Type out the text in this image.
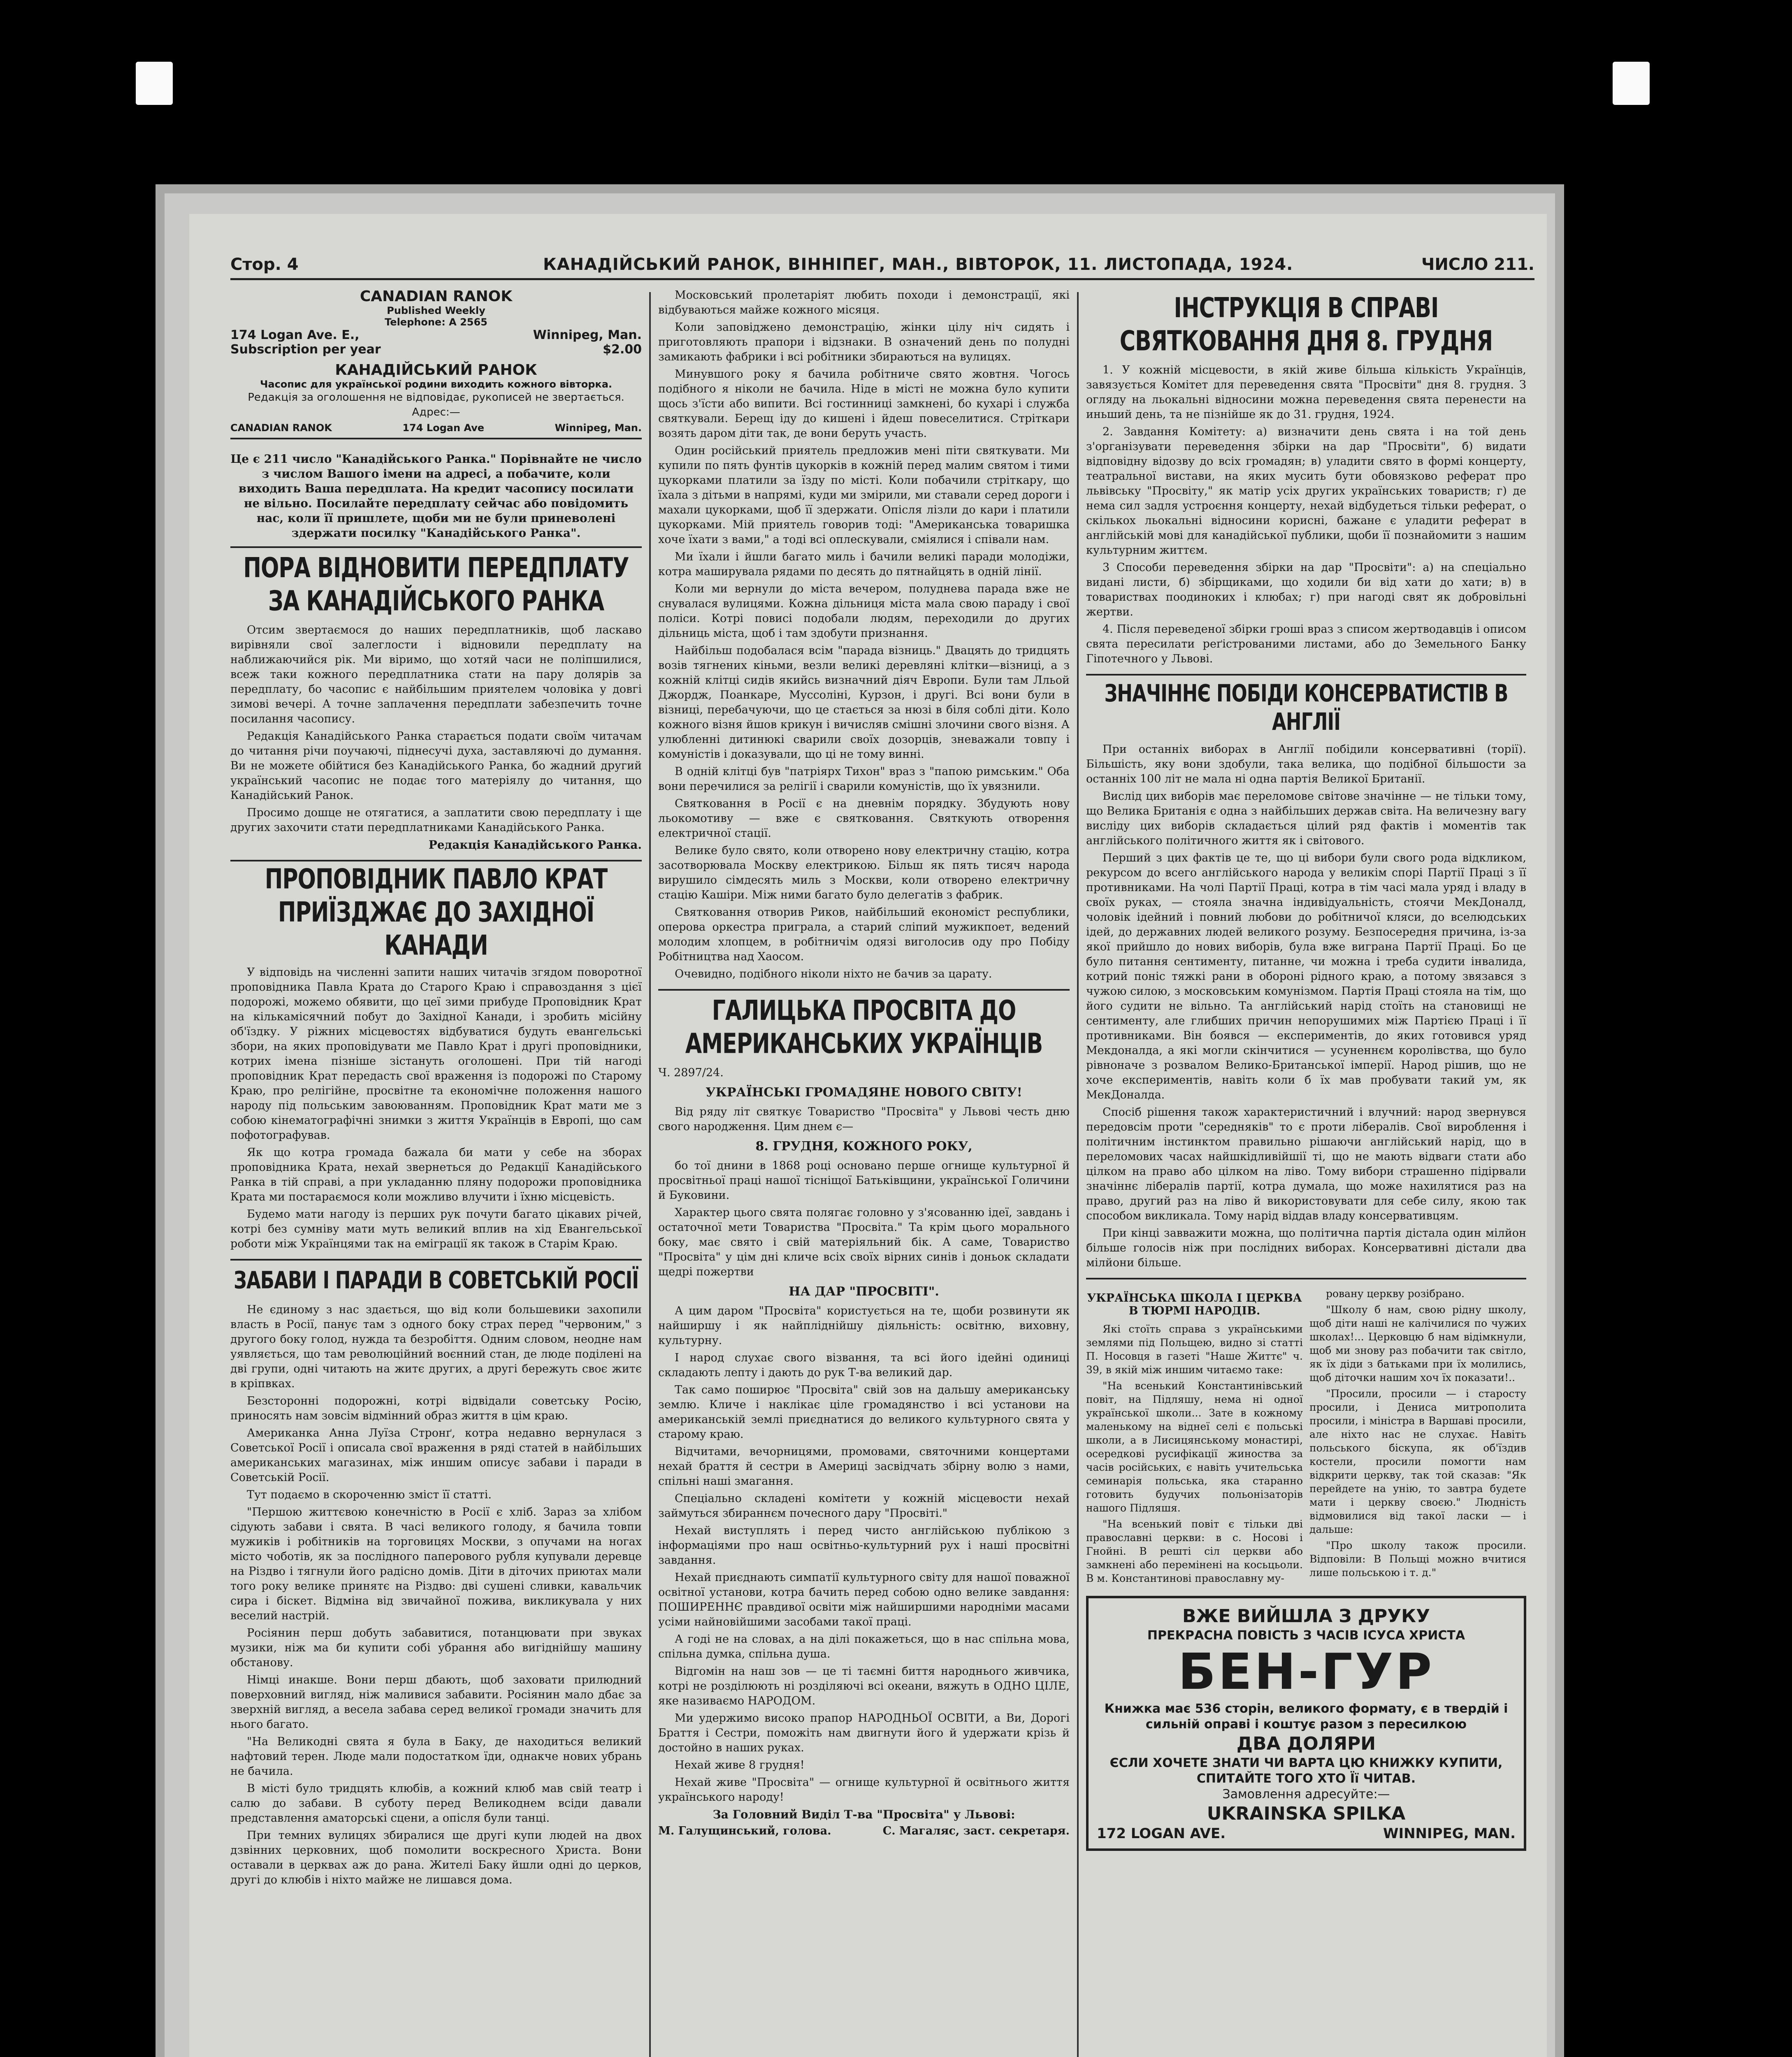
Стор. 4	КАНАДІЙСЬКИЙ РАНОК, ВІННІПЕГ, МАН., ВІВТОРОК, 11. ЛИСТОПАДА, 1924.	ЧИСЛО 211.
CANADIAN RANOK
Published Weekly
Telephone: A 2565
174 Logan Ave. E.,	Winnipeg, Man.
Subscription per year	$2.00
КАНАДІЙСЬКИЙ РАНОК
Часопис для української родини виходить кожного вівторка.

Редакція за оголошення не відповідає, рукописей не звертається. Адрес:—

CANADIAN RANOK	174 Logan Ave	Winnipeg, Man.
Це є 211 число "Канадійського Ранка." Порівнайте не число з числом Вашого імени на адресі, а побачите, коли виходить Ваша передплата. На кредит часопису посилати не вільно. Посилайте передплату сейчас або повідомить нас, коли її пришлете, щоби ми не були приневолені здержати посилку "Канадійського Ранка".
ПОРА ВІДНОВИТИ ПЕРЕДПЛАТУ ЗА КАНАДІЙСЬКОГО РАНКА

Отсим звертаємося до наших передплатників, щоб ласкаво вирівняли свої залеглости і відновили передплату на наближаючийся рік. Ми віримо, що хотяй часи не поліпшилися, всеж таки кожного передплатника стати на пару долярів за передплату, бо часопис є найбільшим приятелем чоловіка у довгі зимові вечері. А точне заплачення передплати забезпечить точне посилання часопису.

Редакція Канадійського Ранка старається подати своїм читачам до читання річи поучаючі, піднесучі духа, заставляючі до думання. Ви не можете обійтися без Канадійського Ранка, бо жадний другий український часопис не подає того матеріялу до читання, що Канадійський Ранок.

Просимо дошце не отягатися, а заплатити свою передплату і ще других захочити стати передплатниками Канадійського Ранка.

Редакція Канадійського Ранка.
ПРОПОВІДНИК ПАВЛО КРАТ ПРИЇЗДЖАЄ ДО ЗАХІДНОЇ КАНАДИ

У відповідь на численні запити наших читачів згядом поворотної проповідника Павла Крата до Старого Краю і справоздання з цієї подорожі, можемо обявити, що цеї зими прибуде Проповідник Крат на кількамісячний побут до Західної Канади, і зробить місійну об'їздку. У ріжних місцевостях відбуватися будуть евангельські збори, на яких проповідувати ме Павло Крат і другі проповідники, котрих імена пізніше зістануть оголошені. При тій нагоді проповідник Крат передасть свої враження із подорожі по Старому Краю, про релігійне, просвітне та економічне положення нашого народу під польським завоюванням. Проповідник Крат мати ме з собою кінематографічні знимки з життя Українців в Европі, що сам пофотографував.

Як що котра громада бажала би мати у себе на зборах проповідника Крата, нехай звернеться до Редакції Канадійського Ранка в тій справі, а при укладанню пляну подорожи проповідника Крата ми постараємося коли можливо влучити і їхню місцевість.

Будемо мати нагоду із перших рук почути багато цікавих річей, котрі без сумніву мати муть великий вплив на хід Евангельської роботи між Українцями так на еміграції як також в Старім Краю.

ЗАБАВИ І ПАРАДИ В СОВЕТСЬКІЙ РОСІЇ

Не єдиному з нас здається, що від коли большевики захопили власть в Росії, панує там з одного боку страх перед "червоним," з другого боку голод, нужда та безробіття. Одним словом, неодне нам уявляється, що там революційний воєнний стан, де люде поділені на дві групи, одні читають на житє других, а другі бережуть своє житє в кріпвках.

Безсторонні подорожні, котрі відвідали советську Росію, приносять нам зовсім відмінний образ життя в цім краю.

Американка Анна Луїза Стронґ, котра недавно вернулася з Советської Росії і описала свої враження в ряді статей в найбільших американських магазинах, між иншим описує забави і паради в Советській Росії.

Тут подаємо в скороченню зміст її статті.

"Першою життєвою конечністю в Росії є хліб. Зараз за хлібом сідують забави і свята. В часі великого голоду, я бачила товпи мужиків і робітників на торговицях Москви, з опучами на ногах місто чоботів, як за послідного паперового рубля купували деревце на Різдво і тягнули його радісно домів. Діти в діточих приютах мали того року велике принятє на Різдво: дві сушені сливки, кавальчик сира і біскет. Відміна від звичайної пожива, викликувала у них веселий настрій.

Росіянин перш добуть забавитися, потанцювати при звуках музики, ніж ма би купити собі убрання або вигіднійшу машину обстанову.

Німці инакше. Вони перш дбають, щоб заховати прилюдний поверховний вигляд, ніж маливися забавити. Росіянин мало дбає за зверхній вигляд, а весела забава серед великої громади значить для нього багато.

"На Великодні свята я була в Баку, де находиться великий нафтовий терен. Люде мали подостатком їди, однакче нових убрань не бачила.

В місті було тридцять клюбів, а кожний клюб мав свій театр і салю до забави. В суботу перед Великоднем всіди давали представлення аматорські сцени, а опісля були танці.

При темних вулицях збиралися ще другі купи людей на двох дзвінних церковних, щоб помолити воскресного Христа. Вони оставали в церквах аж до рана. Жителі Баку йшли одні до церков, другі до клюбів і ніхто майже не лишався дома.

Московський пролетаріят любить походи і демонстрації, які відбуваються майже кожного місяця.

Коли заповіджено демонстрацію, жінки цілу ніч сидять і приготовляють прапори і відзнаки. В означений день по полудні замикають фабрики і всі робітники збираються на вулицях.

Минувшого року я бачила робітниче свято жовтня. Чогось подібного я ніколи не бачила. Ніде в місті не можна було купити щось з'їсти або випити. Всі гостинниці замкнені, бо кухарі і служба святкували. Берещ ідy до кишені і йдеш повеселитися. Стріткари возять даром діти так, де вони беруть участь.

Один російський приятель предложив мені піти святкувати. Ми купили по пять фунтів цукорків в кожній перед малим святом і тими цукорками платили за їзду по місті. Коли побачили стріткару, що їхала з дітьми в напрямі, куди ми змірили, ми ставали серед дороги і махали цукорками, щоб її здержати. Опісля лізли до кари і платили цукорками. Мій приятель говорив тоді: "Американська товаришка хоче їхати з вами," а тоді всі оплескували, сміялися і співали нам.

Ми їхали і йшли багато миль і бачили великі паради молодіжи, котра маширувала рядами по десять до пятнайцять в одній лінії.

Коли ми вернули до міста вечером, полуднева парада вже не снувалася вулицями. Кожна дільниця міста мала свою параду і свої поліси. Котрі повисі подобали людям, переходили до других дільниць міста, щоб і там здобути признання.

Найбільш подобалася всім "парада візниць." Двацять до тридцять возів тягнених кіньми, везли великі деревляні клітки—візниці, а з кожній клітці сидів якийсь визначний діяч Европи. Були там Лльой Джордж, Поанкаре, Муссоліні, Курзон, і другі. Всі вони були в візниці, перебачуючи, що це стається за нюзі в біля соблі діти. Коло кожного візня йшов крикун і вичисляв смішні злочини свого візня. А улюбленні дитинюкі сварили своїх дозорців, зневажали товпу і комуністів і доказували, що ці не тому винні.

В одній клітці був "патріярх Тихон" враз з "папою римським." Оба вони перечилися за релігії і сварили комуністів, що їх увязнили.

Святковання в Росії є на дневнім порядку. Збудують нову льокомотиву — вже є святковання. Святкують отворення електричної стації.

Велике було свято, коли отворено нову електричну стацію, котра засотворювала Москву електрикою. Більш як пять тисяч народа вирушило сімдесять миль з Москви, коли отворено електричну стацію Кашіри. Між ними багато було делегатів з фабрик.

Святковання отворив Риков, найбільший економіст республики, оперова оркестра приграла, а старий сліпий мужикпоет, ведений молодим хлопцем, в робітничім одязі виголосив оду про Побіду Робітництва над Хаосом.

Очевидно, подібного ніколи ніхто не бачив за царату.

ГАЛИЦЬКА ПРОСВІТА ДО АМЕРИКАНСЬКИХ УКРАЇНЦІВ

Ч. 2897/24.

УКРАЇНСЬКІ ГРОМАДЯНЕ НОВОГО СВІТУ!

Від ряду літ святкує Товариство "Просвіта" у Львові честь дню свого народження. Цим днем є—

8. ГРУДНЯ, КОЖНОГО РОКУ,

бо тої днини в 1868 році основано перше огнище культурної й просвітньої праці нашої тісніщої Батьківщини, української Голичини й Буковини.

Характер цього свята полягає головно у з'ясованню ідеї, завдань і остаточної мети Товариства "Просвіта." Та крім цього морального боку, має свято і свій матеріяльний бік. А саме, Товариство "Просвіта" у цім дні кличе всіх своїх вірних синів і доньок складати щедрі пожертви

НА ДАР "ПРОСВІТІ".

А цим даром "Просвіта" користується на те, щоби розвинути як найширшу і як найпліднійшу діяльність: освітню, виховну, культурну.

І народ слухає свого візвання, та всі його ідейні одиниці складають лепту і дають до рук Т-ва великий дар.

Так само поширює "Просвіта" свій зов на дальшу американську землю. Кличе і наклікає ціле громадянство і всі установи на американській землі приєднатися до великого культурного свята у старому краю.

Відчитами, вечорницями, промовами, святочними концертами нехай браття й сестри в Америці засвідчать збірну волю з нами, спільні наші змагання.

Спеціально складені комітети у кожній місцевости нехай займуться збираннєм почесного дару "Просвіті."

Нехай виступлять і перед чисто англійською публікою з інформаціями про наш освітньо-культурний рух і наші просвітні завдання.

Нехай приєднають симпатії культурного світу для нашої поважної освітної установи, котра бачить перед собою одно велике завдання: ПОШИРЕННЄ правдивої освіти між найширшими народніми масами усіми найновійшими засобами такої праці.

А годі не на словах, а на ділі покажеться, що в нас спільна мова, спільна думка, спільна душа.

Відгомін на наш зов — це ті таємні биття народнього живчика, котрі не розділюють ні розділяючі всі океани, вяжуть в ОДНО ЦІЛЕ, яке називаємо НАРОДОМ.

Ми удержимо високо прапор НАРОДНЬОЇ ОСВІТИ, а Ви, Дорогі Браття і Сестри, поможіть нам двигнути його й удержати крізь й достойно в наших руках.

Нехай живе 8 грудня!

Нехай живе "Просвіта" — огнище культурної й освітнього життя українського народу!

За Головний Виділ Т-ва "Просвіта" у Львові:
М. Галущинський, голова.	С. Магаляс, заст. секретаря.
ІНСТРУКЦІЯ В СПРАВІ СВЯТКОВАННЯ ДНЯ 8. ГРУДНЯ

1. У кожній місцевости, в якій живе більша кількість Українців, завязується Комітет для переведення свята "Просвіти" дня 8. грудня. З огляду на льокальні відносини можна переведення свята перенести на иньший день, та не пізнійше як до 31. грудня, 1924.

2. Завдання Комітету: а) визначити день свята і на той день з'організувати переведення збірки на дар "Просвіти", б) видати відповідну відозву до всіх громадян; в) уладити свято в формі концерту, театральної вистави, на яких мусить бути обовязково реферат про львівську "Просвіту," як матір усіх других українських товариств; г) де нема сил задля устроєння концерту, нехай відбудеться тільки реферат, о скількох льокальні відносини корисні, бажане є уладити реферат в англійській мові для канадійської публики, щоби її познайомити з нашим культурним життєм.

3 Способи переведення збірки на дар "Просвіти": а) на спеціально видані листи, б) збірщиками, що ходили би від хати до хати; в) в товариствах поодиноких і клюбах; г) при нагоді свят як добровільні жертви.

4. Після переведеної збірки гроші враз з списом жертводавців і описом свята пересилати реґістрованими листами, або до Земельного Банку Гіпотечного у Львові.

ЗНАЧІННЄ ПОБІДИ КОНСЕРВАТИСТІВ В АНГЛІЇ

При останніх виборах в Англії побідили консервативні (торії). Більшість, яку вони здобули, така велика, що подібної більшости за останніх 100 літ не мала ні одна партія Великої Британії.

Вислід цих виборів має переломове світове значінне — не тільки тому, що Велика Британія є одна з найбільших держав світа. На величезну вагу висліду цих виборів складається цілий ряд фактів і моментів так англійського політичного життя як і світового.

Перший з цих фактів це те, що ці вибори були свого рода відкликом, рекурсом до всего англійського народа у великім спорі Партії Праці з її противниками. На чолі Партії Праці, котра в тім часі мала уряд і владу в своїх руках, — стояла значна індивідуальність, стоячи МекДоналд, чоловік ідейний і повний любови до робітничої кляси, до вселюдських ідей, до державних людей великого розуму. Безпосередня причина, із-за якої прийшло до нових виборів, була вже виграна Партії Праці. Бо це було питання сентименту, питанне, чи можна і треба судити інвалида, котрий поніс тяжкі рани в обороні рідного краю, а потому звязався з чужою силою, з московським комунізмом. Партія Праці стояла на тім, що його судити не вільно. Та англійський нарід стоїть на становищі не сентименту, але глибших причин непорушимих між Партією Праці і її противниками. Він боявся — експериментів, до яких готовився уряд Мекдоналда, а які могли скінчитися — усуненнєм королівства, що було рівноначе з розвалом Велико-Британської імперії. Народ рішив, що не хоче експериментів, навіть коли б їх мав пробувати такий ум, як МекДоналда.

Спосіб рішення також характеристичний і влучний: народ звернувся передовсім проти "середняків" то є проти лібералів. Свої вироблення і політичним інстинктом правильно рішаючи англійський нарід, що в переломових часах найшкідливійшії ті, що не мають відваги стати або цілком на право або цілком на ліво. Тому вибори страшенно підірвали значіннє лібералів партії, котра думала, що може нахилятися раз на право, другий раз на ліво й використовувати для себе силу, якою так способом викликала. Тому нарід віддав владу консервативцям.

При кінці завважити можна, що політична партія дістала один мілйон більше голосів ніж при послідних виборах. Консервативні дістали два мілйони більше.

УКРАЇНСЬКА ШКОЛА І ЦЕРКВА В ТЮРМІ НАРОДІВ.

Які стоїть справа з українськими землями під Польщею, видно зі статті П. Носовця в газеті "Наше Життє" ч. 39, в якій між иншим читаємо таке:

"На всенький Константинівський повіт, на Підляшу, нема ні одної української школи... Зате в кожному маленькому на віднеї селі є польські школи, а в Лисицянському монастирі, осередкові русифікації жиноства за часів російських, є навіть учительська семинарія польська, яка старанно готовить будучих польонізаторів нашого Підляшя.

"На всенький повіт є тільки дві православні церкви: в с. Носові і Гнойні. В решті сіл церкви або замкнені або перемінені на косьцьоли. В м. Константинові православну му-

ровану церкву розібрано.

"Школу б нам, свою рідну школу, щоб діти наші не калічилися по чужих школах!... Церковцю б нам відімкнули, щоб ми знову раз побачити так світло, як їх діди з батьками при їх молились, щоб діточки нашим хоч їх показати!..

"Просили, просили — і старосту просили, і Дениса митрополита просили, і міністра в Варшаві просили, але ніхто нас не слухає. Навіть польського біскупа, як об'їздив костели, просили помогти нам відкрити церкву, так той сказав: "Як перейдете на унію, то завтра будете мати і церкву своєю." Людність відмовилися від такої ласки — і дальше:

"Про школу також просили. Відповіли: В Польщі можно вчитися лише польською і т. д."

ВЖЕ ВИЙШЛА З ДРУКУ
ПРЕКРАСНА ПОВІСТЬ З ЧАСІВ ІСУСА ХРИСТА
БЕН-ГУР
Книжка має 536 сторін, великого формату, є в твердій і сильній оправі і коштує разом з пересилкою
ДВА ДОЛЯРИ
ЄСЛИ ХОЧЕТЕ ЗНАТИ ЧИ ВАРТА ЦЮ КНИЖКУ КУПИТИ, СПИТАЙТЕ ТОГО ХТО Її ЧИТАВ.
Замовлення адресуйте:—
UKRAINSKA SPILKA
172 LOGAN AVE.	WINNIPEG, MAN.
